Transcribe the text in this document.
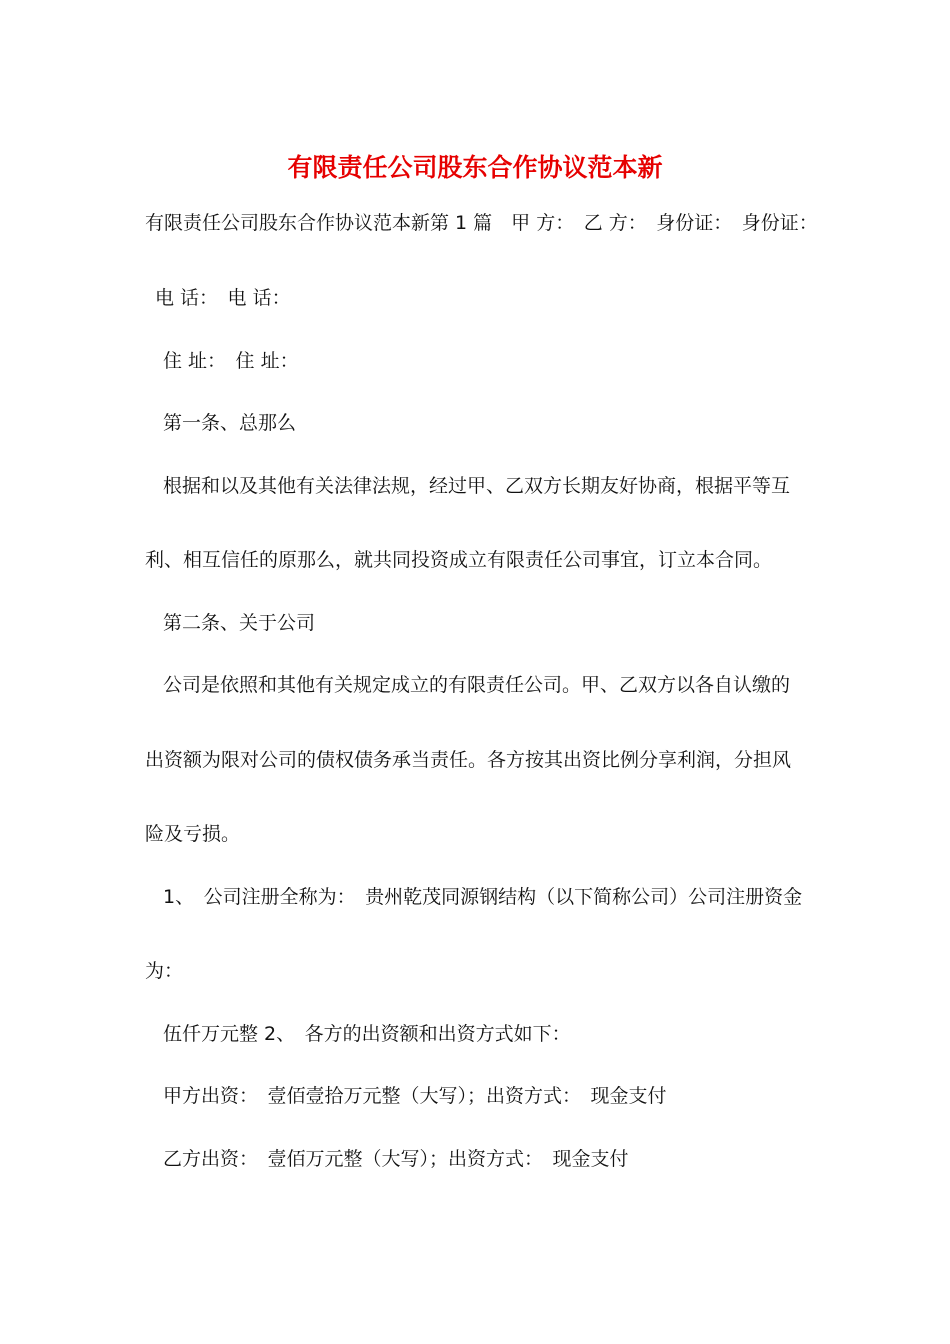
有限责任公司股东合作协议范本新
有限责任公司股东合作协议范本新第 1 篇　甲 方：　乙 方：　身份证：　身份证：
电 话：　电 话：
住 址：　住 址：
第一条、总那么
根据和以及其他有关法律法规，经过甲、乙双方长期友好协商，根据平等互
利、相互信任的原那么，就共同投资成立有限责任公司事宜，订立本合同。
第二条、关于公司
公司是依照和其他有关规定成立的有限责任公司。甲、乙双方以各自认缴的
出资额为限对公司的债权债务承当责任。各方按其出资比例分享利润，分担风
险及亏损。
1、　公司注册全称为：　贵州乾茂同源钢结构（以下简称公司）公司注册资金
为：
伍仟万元整 2、　各方的出资额和出资方式如下：
甲方出资：　壹佰壹拾万元整（大写）；出资方式：　现金支付
乙方出资：　壹佰万元整（大写）；出资方式：　现金支付
